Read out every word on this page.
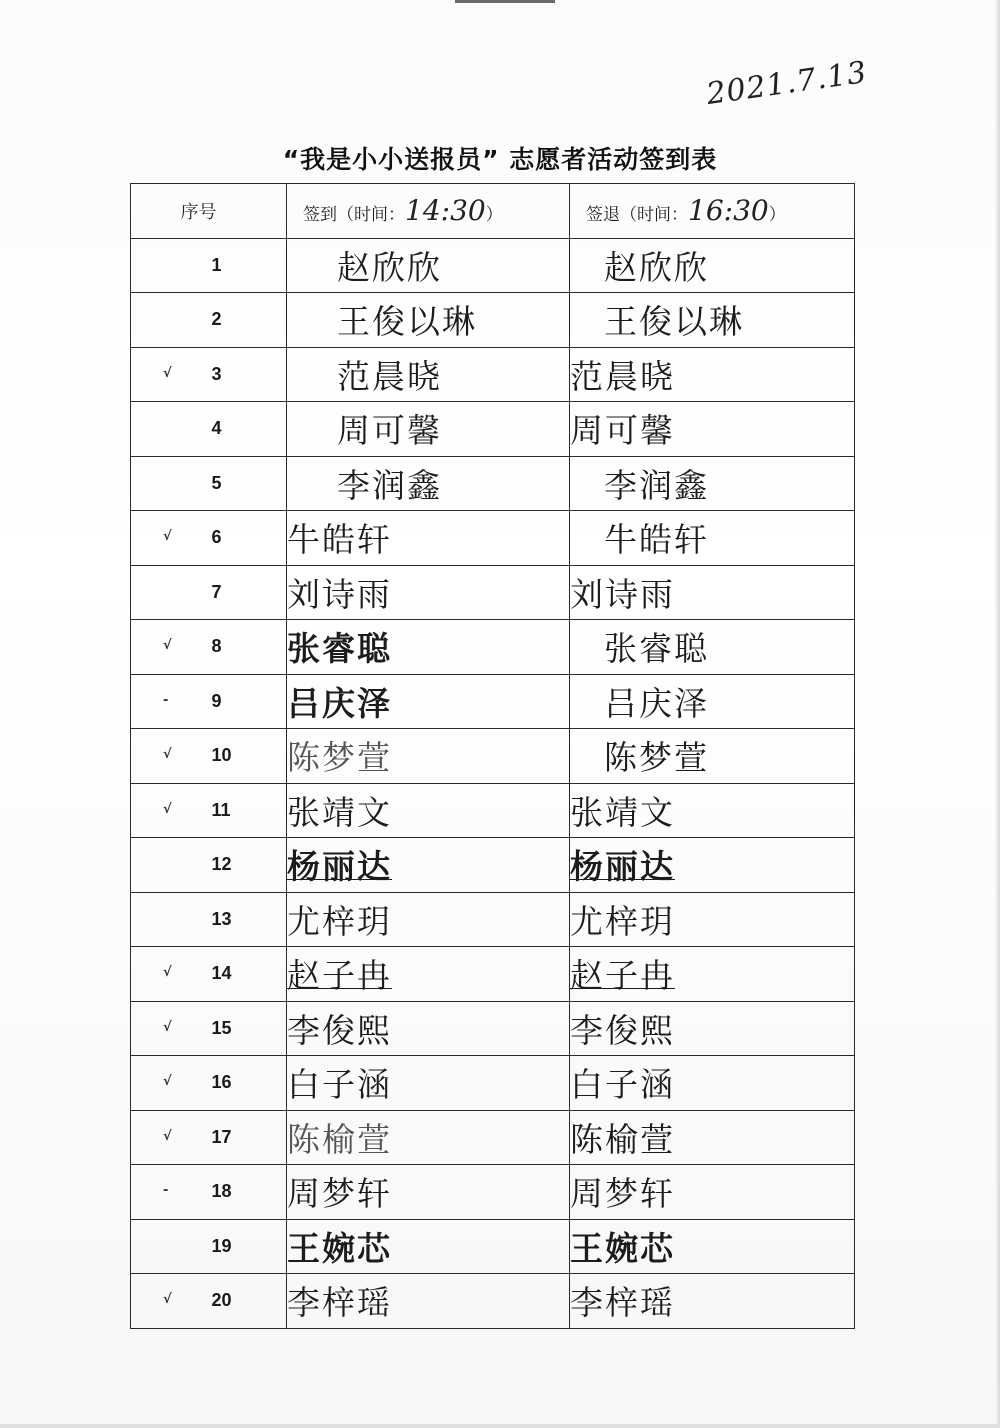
2021.7.13
“我是小小送报员” 志愿者活动签到表
序号	签到（时间：14:30）	签退（时间：16:30）

1	赵欣欣	赵欣欣

2	王俊以琳	王俊以琳

√ 3	范晨晓	范晨晓

4	周可馨	周可馨

5	李润鑫	李润鑫

√ 6	牛皓轩	牛皓轩

7	刘诗雨	刘诗雨

√ 8	张睿聪	张睿聪

- 9	吕庆泽	吕庆泽

√ 10	陈梦萱	陈梦萱

√ 11	张靖文	张靖文

12	杨丽达	杨丽达

13	尤梓玥	尤梓玥

√ 14	赵子冉	赵子冉

√ 15	李俊熙	李俊熙

√ 16	白子涵	白子涵

√ 17	陈榆萱	陈榆萱

- 18	周梦轩	周梦轩

19	王婉芯	王婉芯

√ 20	李梓瑶	李梓瑶
